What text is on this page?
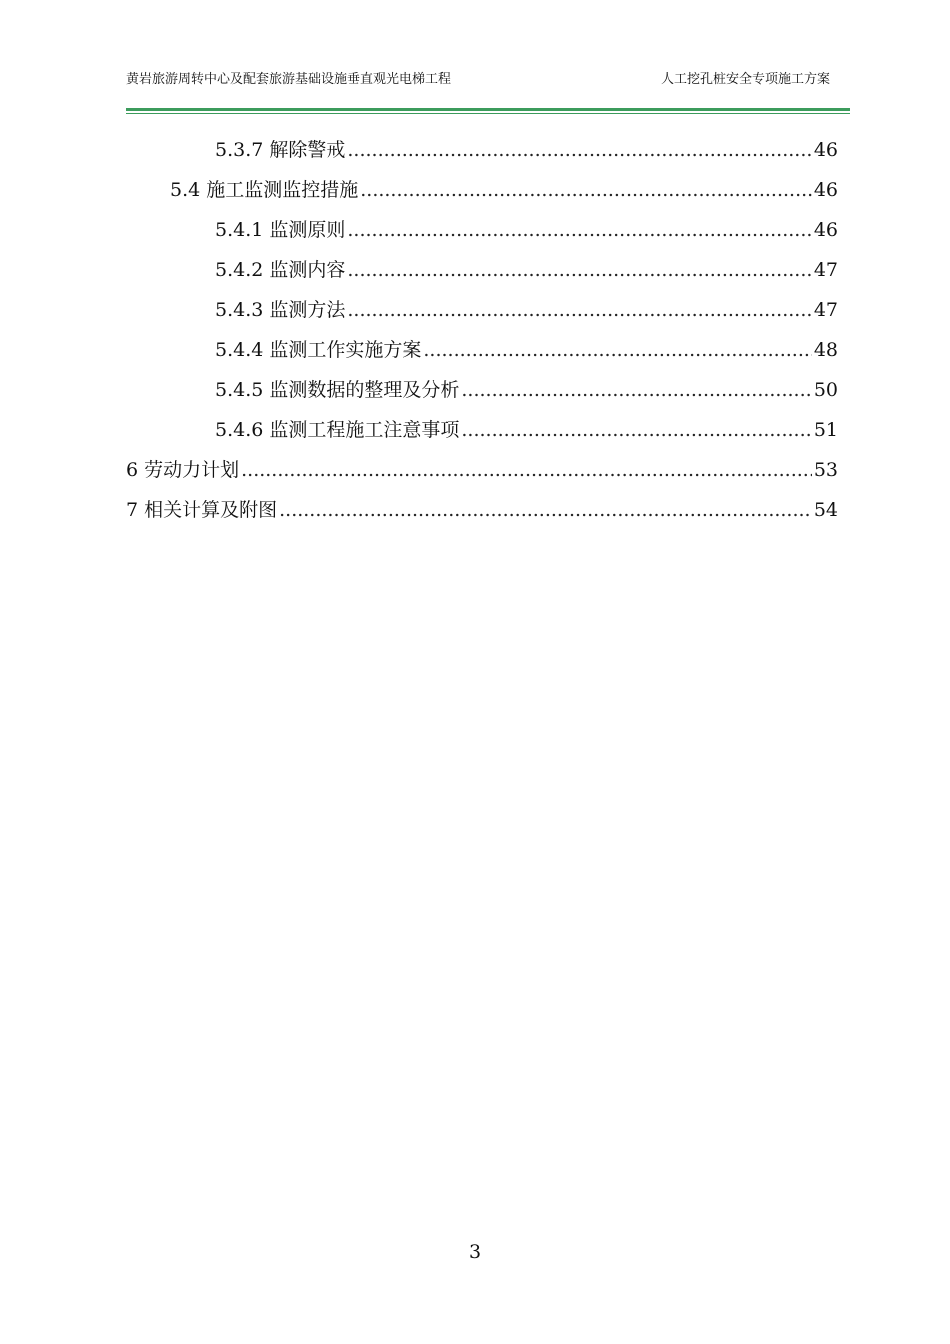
黄岩旅游周转中心及配套旅游基础设施垂直观光电梯工程	人工挖孔桩安全专项施工方案
5.3.7 解除警戒 .....	46
5.4 施工监测监控措施 .....	46
5.4.1 监测原则 .....	46
5.4.2 监测内容 .....	47
5.4.3 监测方法 .....	47
5.4.4 监测工作实施方案 .....	48
5.4.5 监测数据的整理及分析 .....	50
5.4.6 监测工程施工注意事项 .....	51
6 劳动力计划 .....	53
7 相关计算及附图 .....	54
3
